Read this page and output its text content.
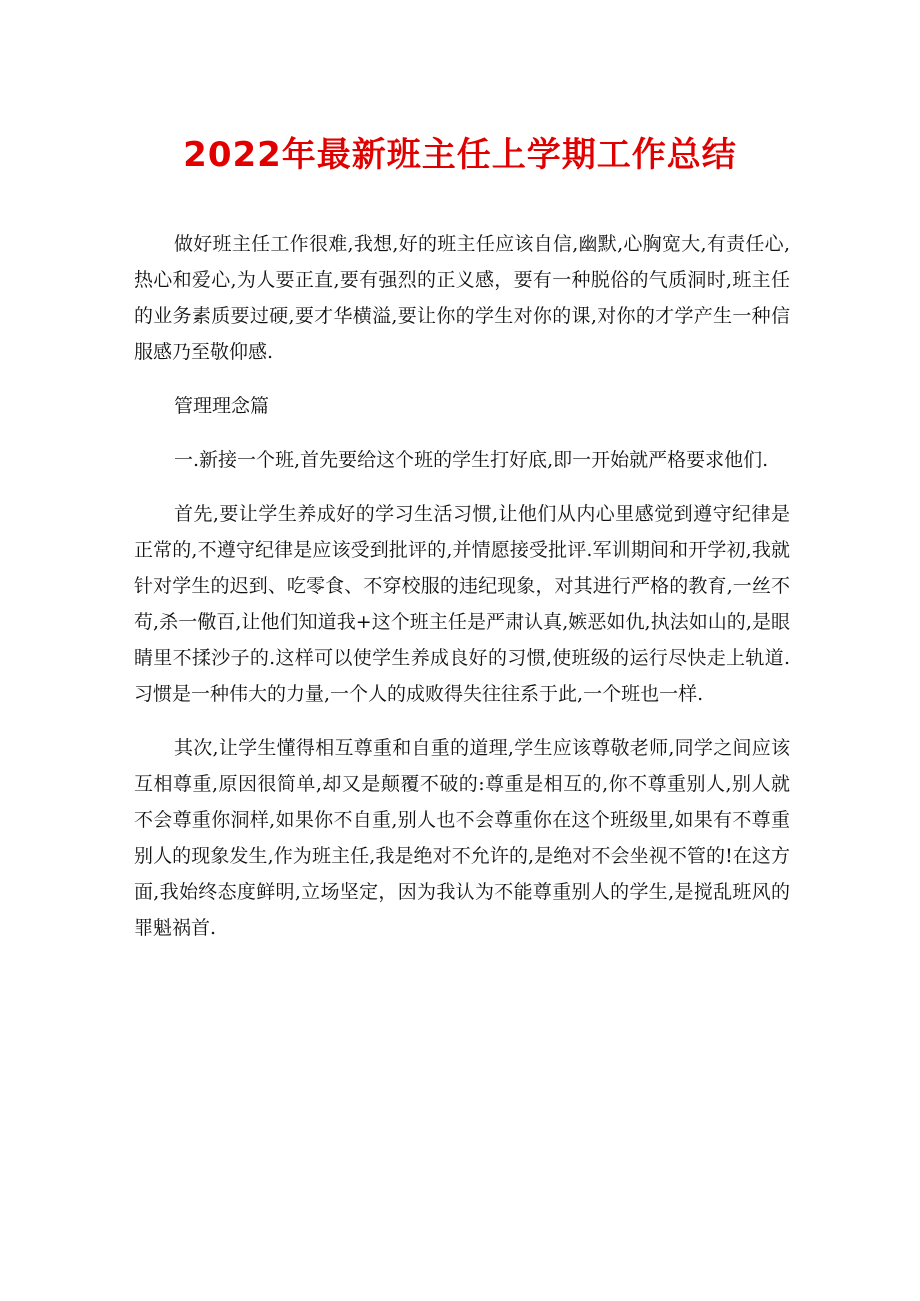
2022年最新班主任上学期工作总结

做好班主任工作很难,我想,好的班主任应该自信,幽默,心胸宽大,有责任心,热心和爱心,为人要正直,要有强烈的正义感，要有一种脱俗的气质洞时,班主任的业务素质要过硬,要才华横溢,要让你的学生对你的课,对你的才学产生一种信服感乃至敬仰感.

管理理念篇

一.新接一个班,首先要给这个班的学生打好底,即一开始就严格要求他们.

首先,要让学生养成好的学习生活习惯,让他们从内心里感觉到遵守纪律是正常的,不遵守纪律是应该受到批评的,并情愿接受批评.军训期间和开学初,我就针对学生的迟到、吃零食、不穿校服的违纪现象，对其进行严格的教育,一丝不苟,杀一儆百,让他们知道我+这个班主任是严肃认真,嫉恶如仇,执法如山的,是眼睛里不揉沙子的.这样可以使学生养成良好的习惯,使班级的运行尽快走上轨道.习惯是一种伟大的力量,一个人的成败得失往往系于此,一个班也一样.

其次,让学生懂得相互尊重和自重的道理,学生应该尊敬老师,同学之间应该互相尊重,原因很简单,却又是颠覆不破的:尊重是相互的,你不尊重别人,别人就不会尊重你洞样,如果你不自重,别人也不会尊重你在这个班级里,如果有不尊重别人的现象发生,作为班主任,我是绝对不允许的,是绝对不会坐视不管的!在这方面,我始终态度鲜明,立场坚定，因为我认为不能尊重别人的学生,是搅乱班风的罪魁祸首.
